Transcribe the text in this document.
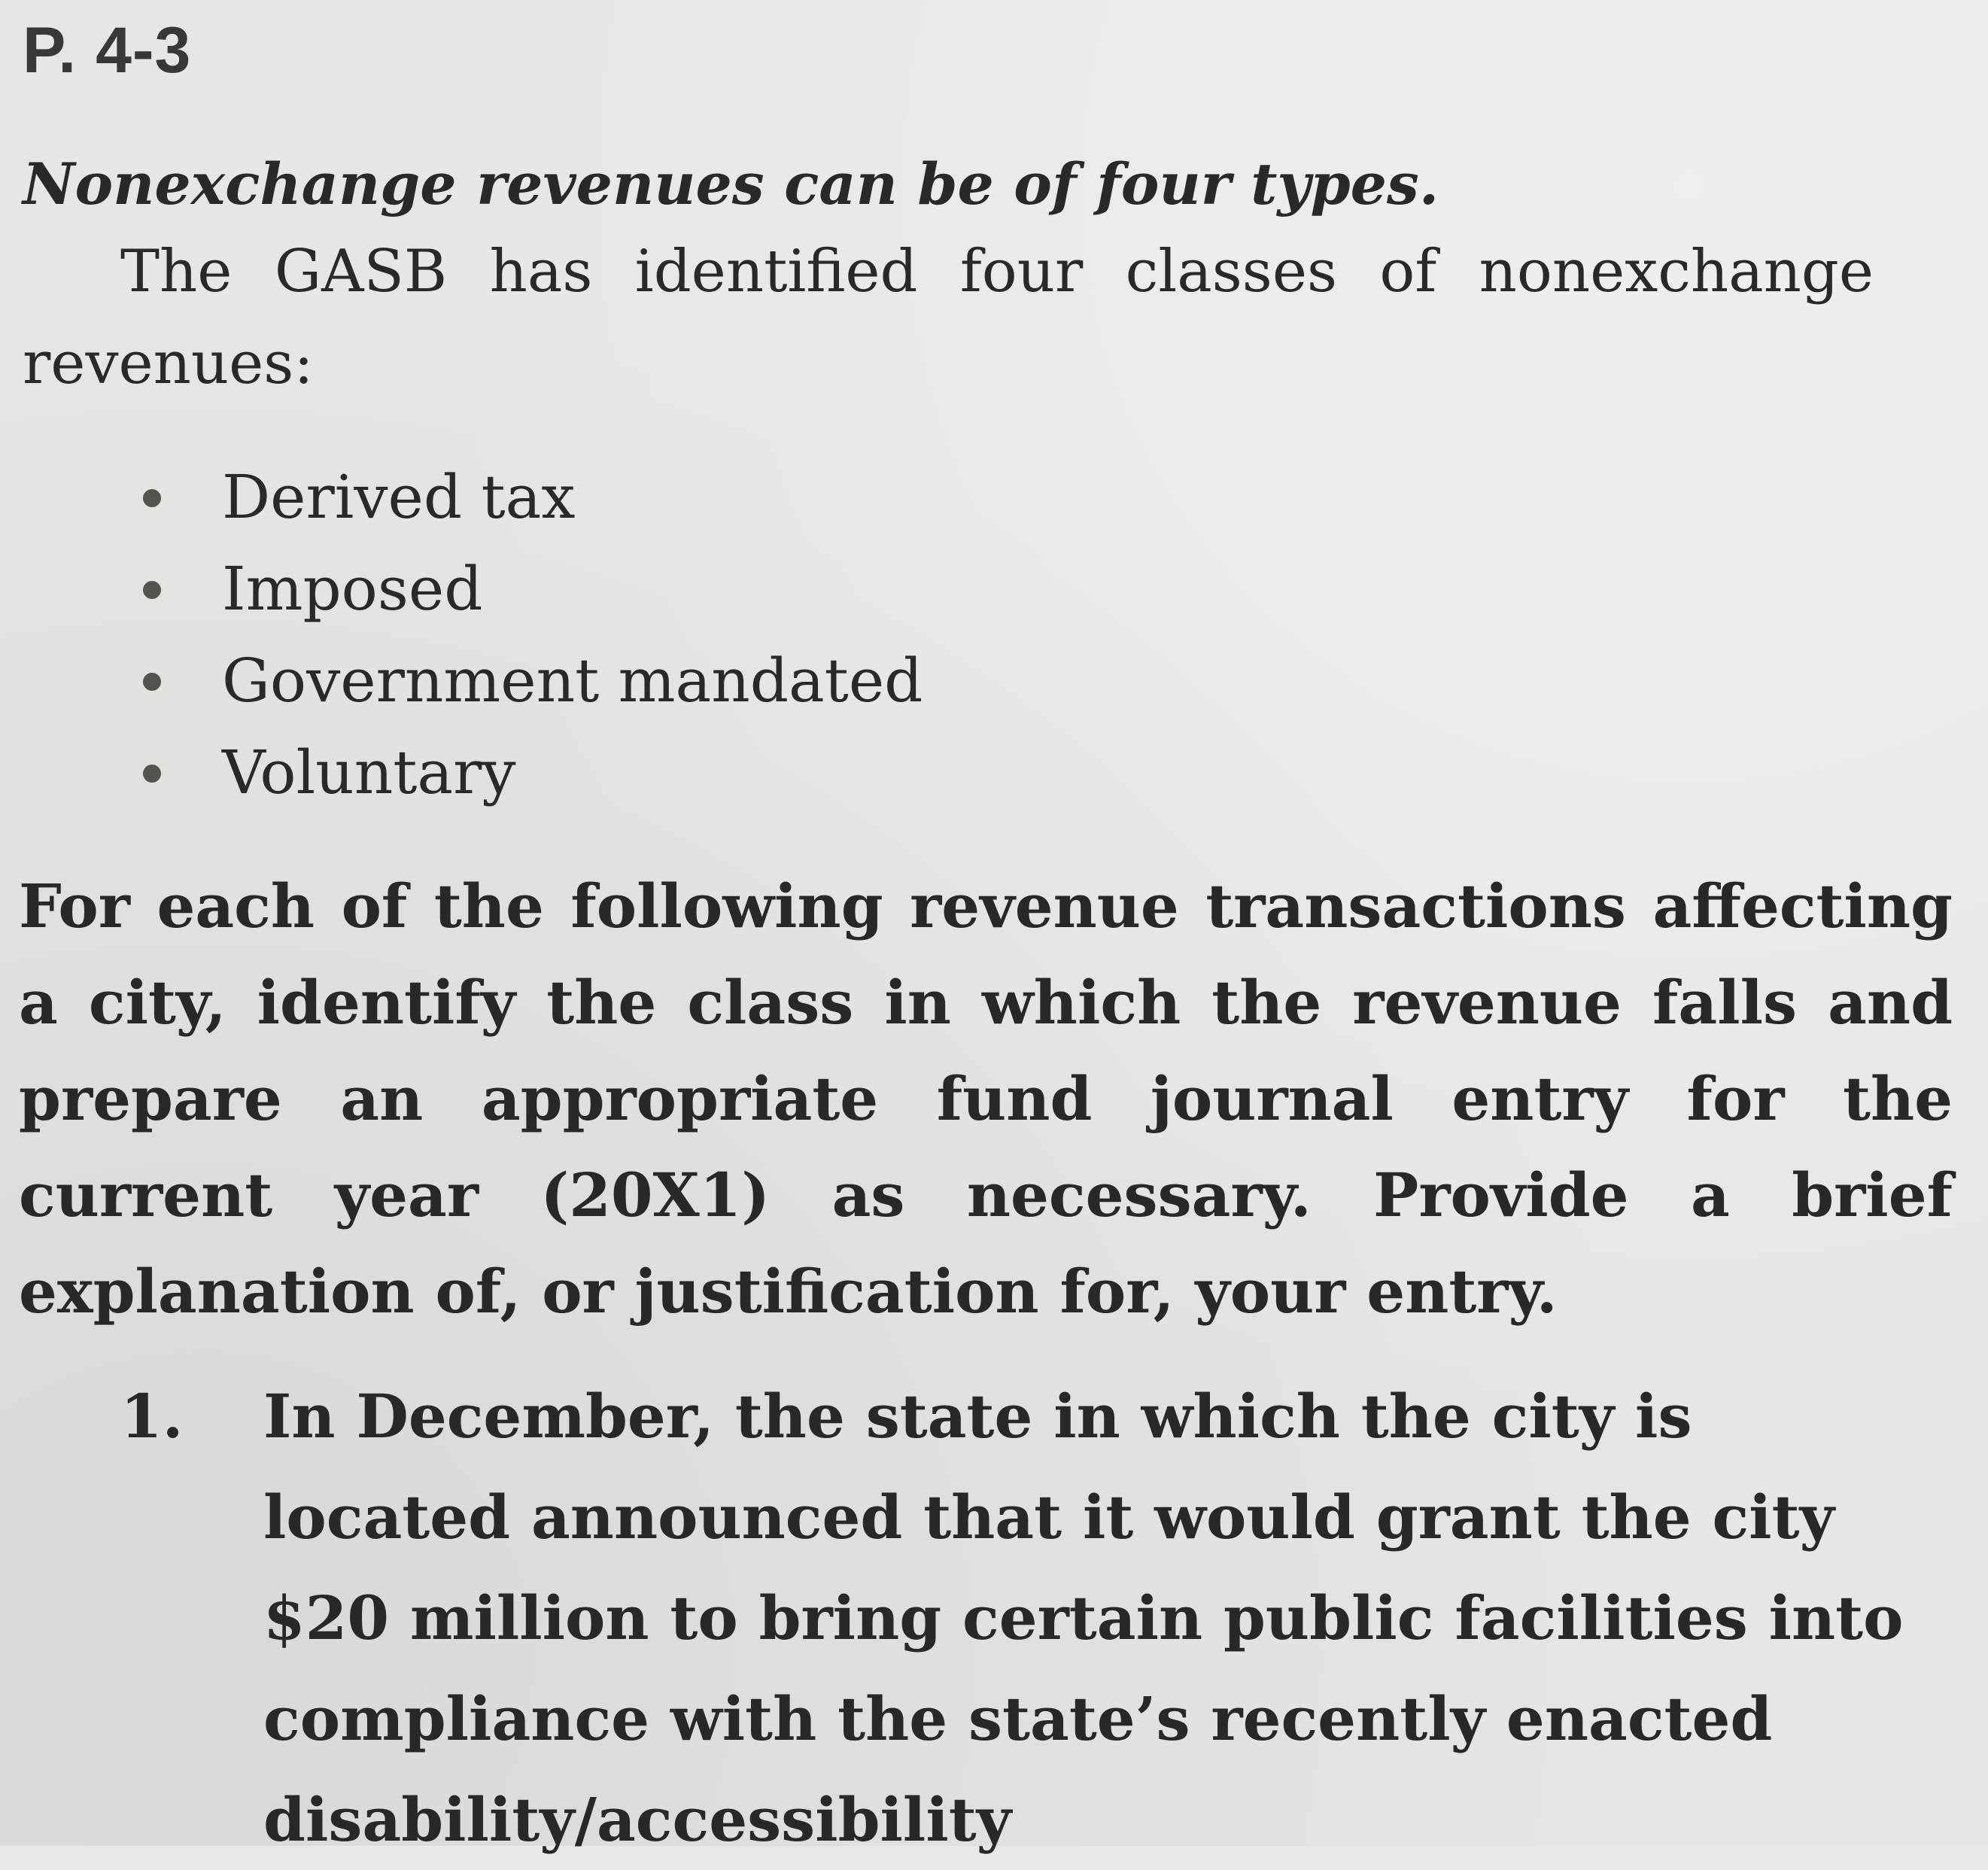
P. 4-3
Nonexchange revenues can be of four types.

The GASB has identified four classes of nonexchange revenues:

Derived tax
Imposed
Government mandated
Voluntary

For each of the following revenue transactions affecting a city, identify the class in which the revenue falls and prepare an appropriate fund journal entry for the current year (20X1) as necessary. Provide a brief explanation of, or justification for, your entry.

1.	In December, the state in which the city is located announced that it would grant the city $20 million to bring certain public facilities into compliance with the state’s recently enacted disability/accessibility
